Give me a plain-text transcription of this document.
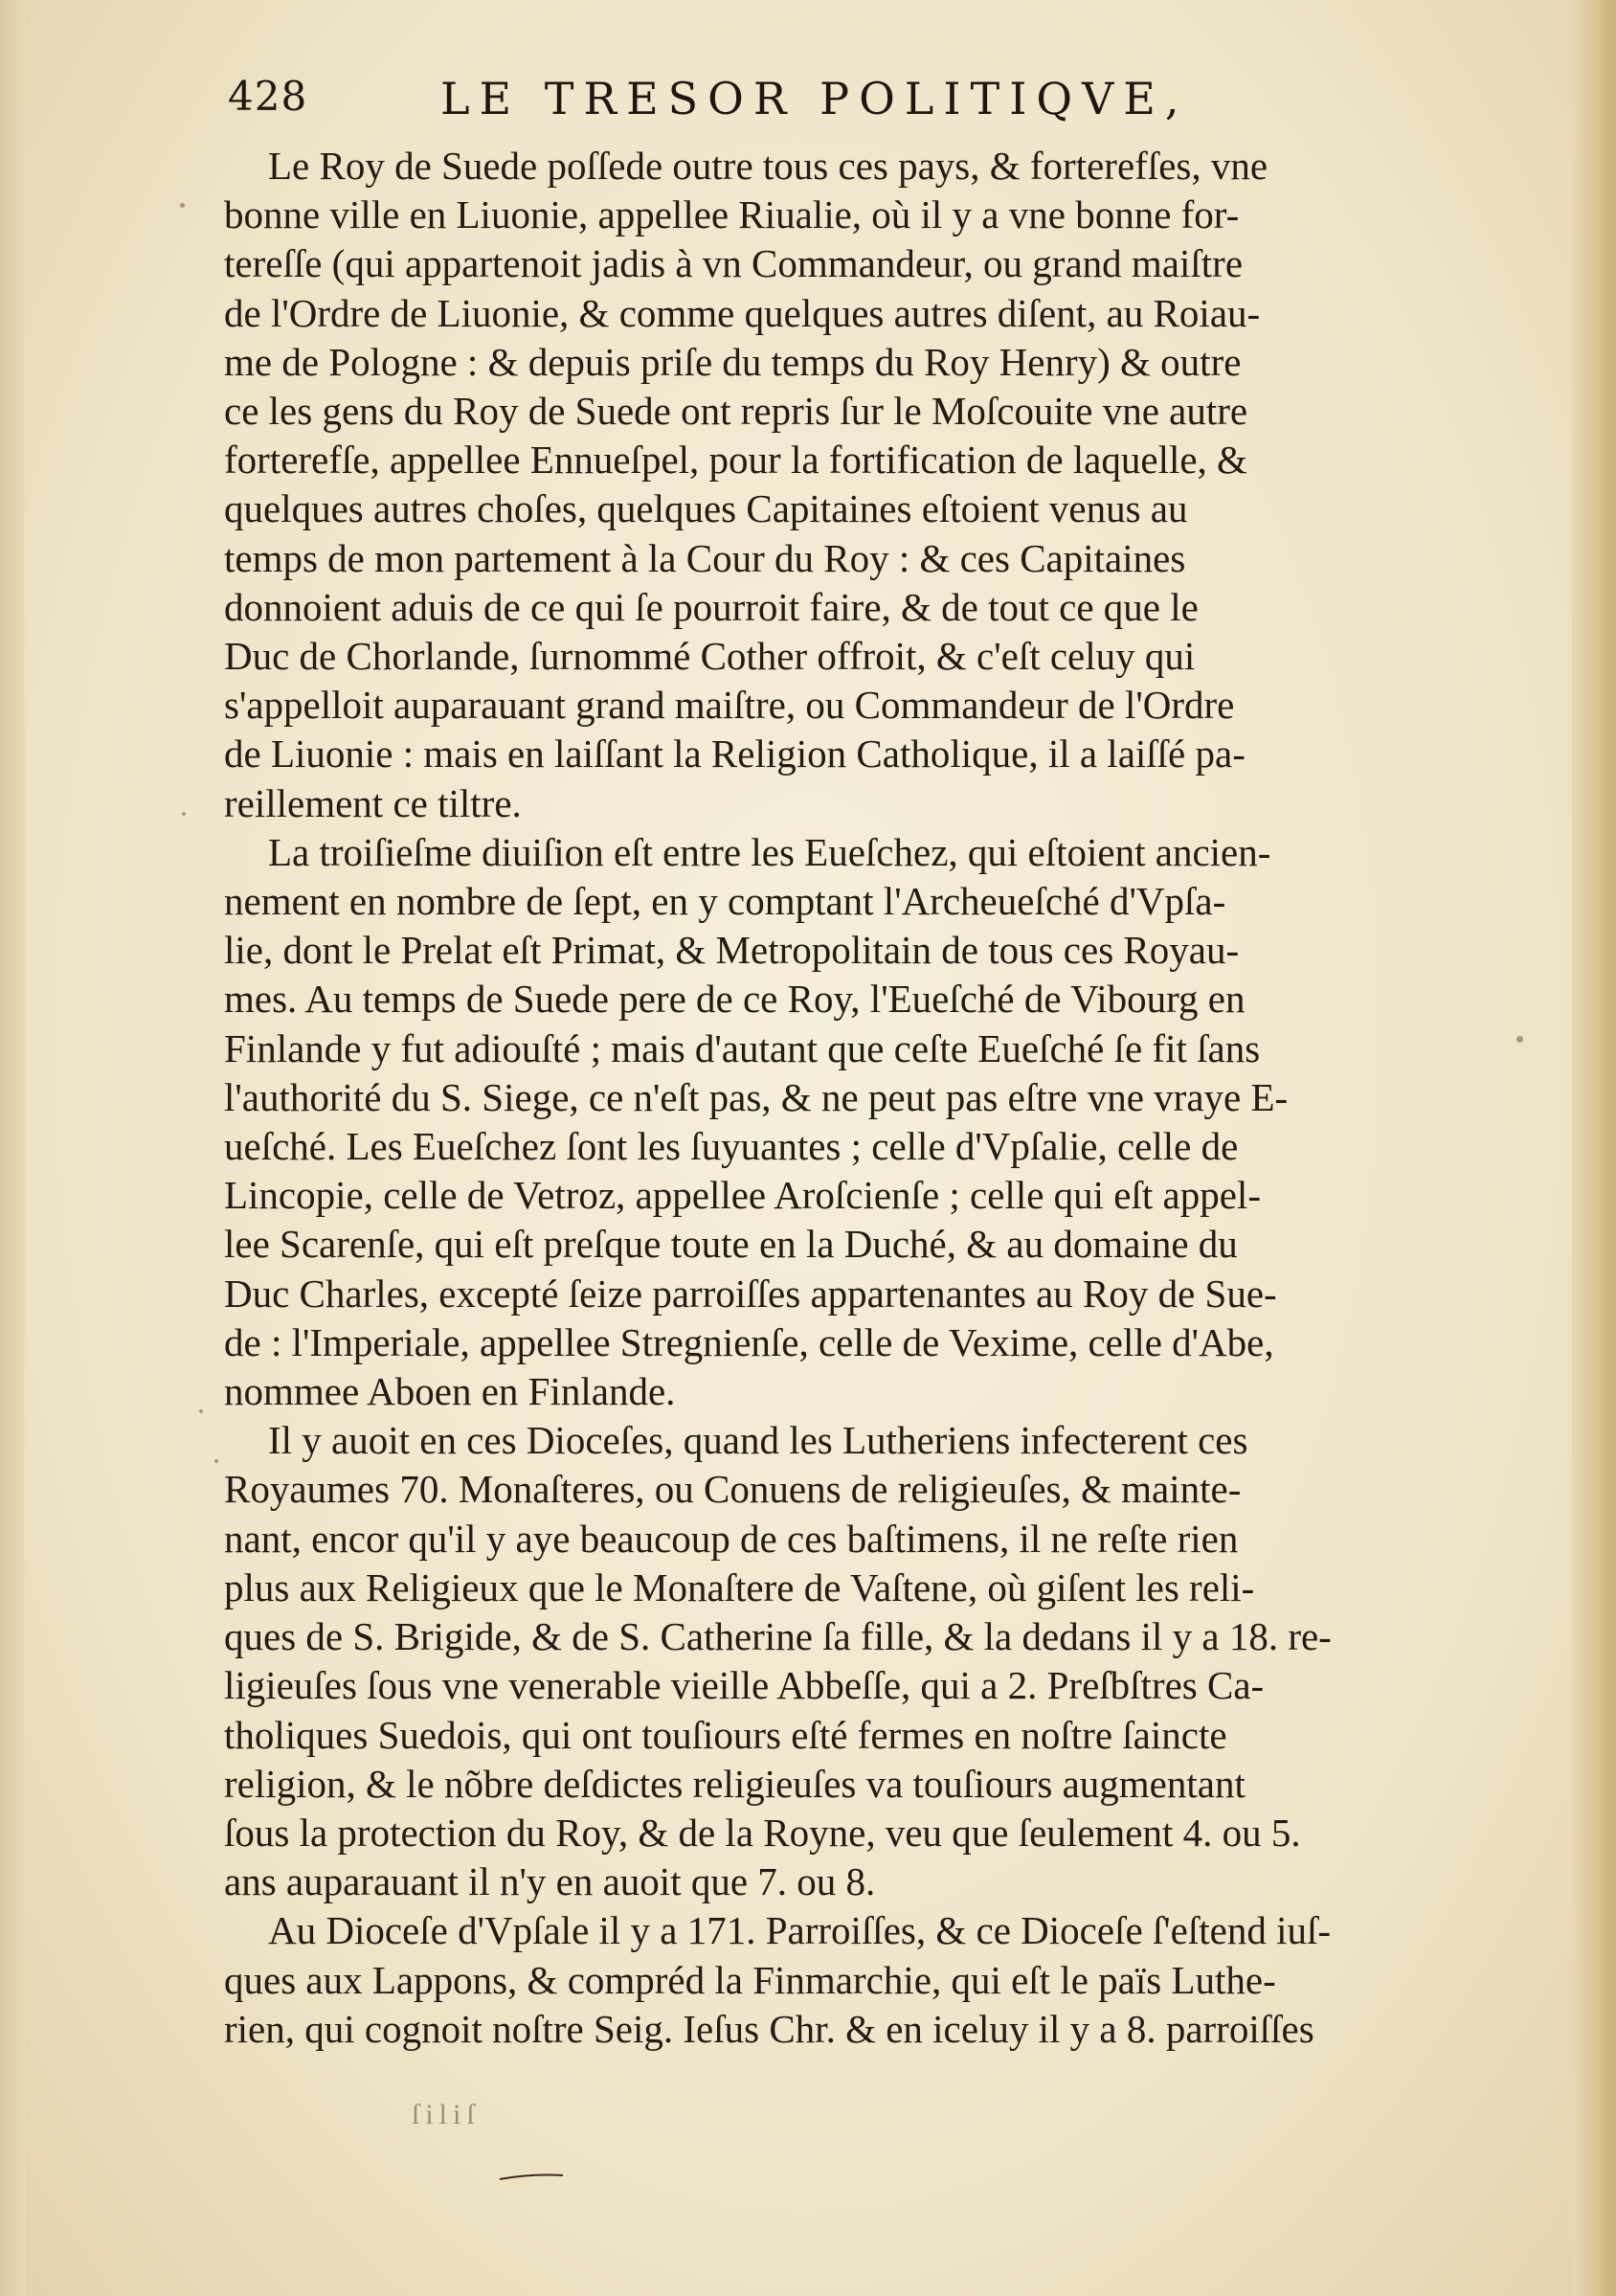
428	LE TRESOR POLITIQVE,

Le Roy de Suede poſſede outre tous ces pays, & forterefſes, vne
bonne ville en Liuonie, appellee Riualie, où il y a vne bonne for-
tereſſe (qui appartenoit jadis à vn Commandeur, ou grand maiſtre
de l'Ordre de Liuonie, & comme quelques autres diſent, au Roiau-
me de Pologne : & depuis priſe du temps du Roy Henry) & outre
ce les gens du Roy de Suede ont repris ſur le Moſcouite vne autre
forterefſe, appellee Ennueſpel, pour la fortification de laquelle, &
quelques autres choſes, quelques Capitaines eſtoient venus au
temps de mon partement à la Cour du Roy : & ces Capitaines
donnoient aduis de ce qui ſe pourroit faire, & de tout ce que le
Duc de Chorlande, ſurnommé Cother offroit, & c'eſt celuy qui
s'appelloit auparauant grand maiſtre, ou Commandeur de l'Ordre
de Liuonie : mais en laiſſant la Religion Catholique, il a laiſſé pa-
reillement ce tiltre.

La troiſieſme diuiſion eſt entre les Eueſchez, qui eſtoient ancien-
nement en nombre de ſept, en y comptant l'Archeueſché d'Vpſa-
lie, dont le Prelat eſt Primat, & Metropolitain de tous ces Royau-
mes. Au temps de Suede pere de ce Roy, l'Eueſché de Vibourg en
Finlande y fut adiouſté ; mais d'autant que ceſte Eueſché ſe fit ſans
l'authorité du S. Siege, ce n'eſt pas, & ne peut pas eſtre vne vraye E-
ueſché. Les Eueſchez ſont les ſuyuantes ; celle d'Vpſalie, celle de
Lincopie, celle de Vetroz, appellee Aroſcienſe ; celle qui eſt appel-
lee Scarenſe, qui eſt preſque toute en la Duché, & au domaine du
Duc Charles, excepté ſeize parroiſſes appartenantes au Roy de Sue-
de : l'Imperiale, appellee Stregnienſe, celle de Vexime, celle d'Abe,
nommee Aboen en Finlande.

Il y auoit en ces Dioceſes, quand les Lutheriens infecterent ces
Royaumes 70. Monaſteres, ou Conuens de religieuſes, & mainte-
nant, encor qu'il y aye beaucoup de ces baſtimens, il ne reſte rien
plus aux Religieux que le Monaſtere de Vaſtene, où giſent les reli-
ques de S. Brigide, & de S. Catherine ſa fille, & la dedans il y a 18. re-
ligieuſes ſous vne venerable vieille Abbeſſe, qui a 2. Preſbſtres Ca-
tholiques Suedois, qui ont touſiours eſté fermes en noſtre ſaincte
religion, & le nõbre deſdictes religieuſes va touſiours augmentant
ſous la protection du Roy, & de la Royne, veu que ſeulement 4. ou 5.
ans auparauant il n'y en auoit que 7. ou 8.

Au Dioceſe d'Vpſale il y a 171. Parroiſſes, & ce Dioceſe ſ'eſtend iuſ-
ques aux Lappons, & compréd la Finmarchie, qui eſt le païs Luthe-
rien, qui cognoit noſtre Seig. Ieſus Chr. & en iceluy il y a 8. parroiſſes

ſiliſ
